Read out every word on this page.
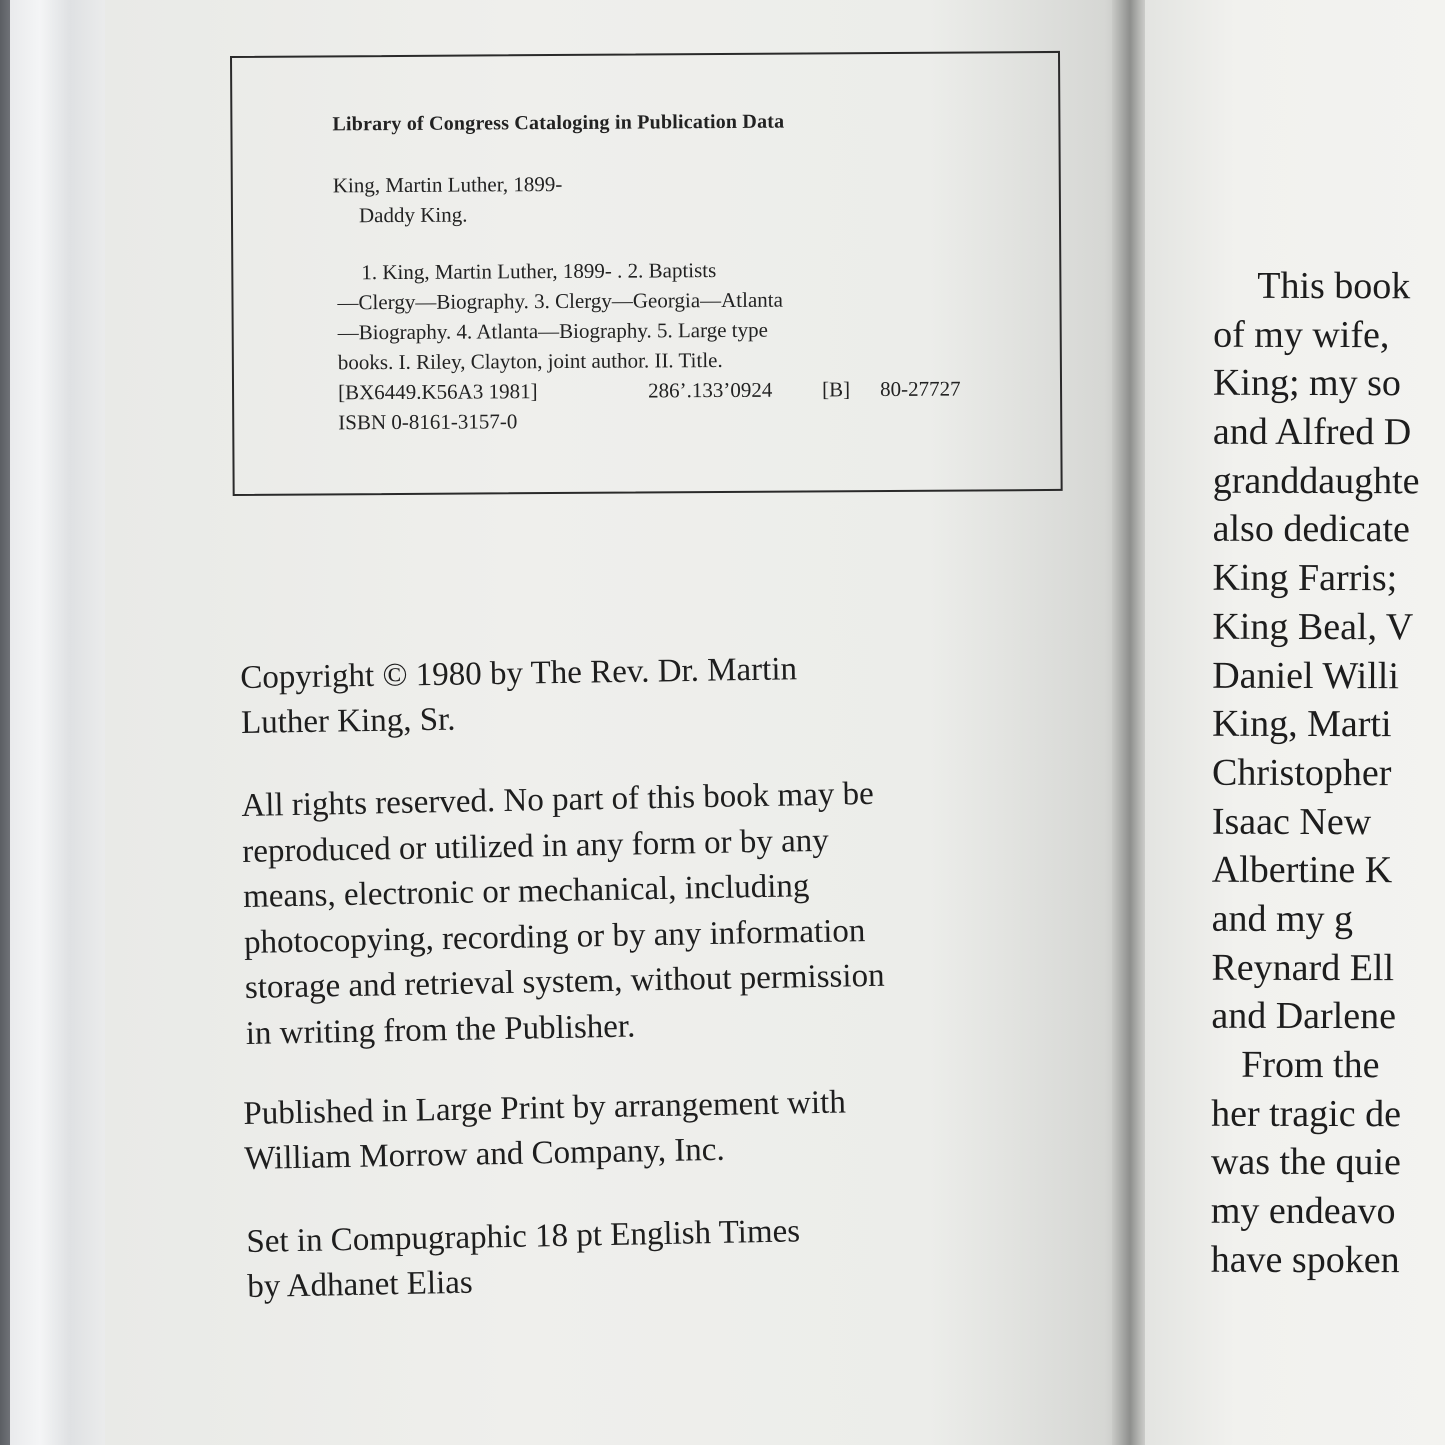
Library of Congress Cataloging in Publication Data
King, Martin Luther, 1899-
Daddy King.
1. King, Martin Luther, 1899- . 2. Baptists
—Clergy—Biography. 3. Clergy—Georgia—Atlanta
—Biography. 4. Atlanta—Biography. 5. Large type
books. I. Riley, Clayton, joint author. II. Title.
[BX6449.K56A3 1981]	286’.133’0924 [B] 80-27727
ISBN 0-8161-3157-0
Copyright © 1980 by The Rev. Dr. Martin
Luther King, Sr.
All rights reserved. No part of this book may be
reproduced or utilized in any form or by any
means, electronic or mechanical, including
photocopying, recording or by any information
storage and retrieval system, without permission
in writing from the Publisher.
Published in Large Print by arrangement with
William Morrow and Company, Inc.
Set in Compugraphic 18 pt English Times
by Adhanet Elias
This book
of my wife,
King; my so
and Alfred D
granddaughte
also dedicate
King Farris;
King Beal, V
Daniel Willi
King, Marti
Christopher
Isaac New
Albertine K
and my g
Reynard Ell
and Darlene
From the
her tragic de
was the quie
my endeavo
have spoken
